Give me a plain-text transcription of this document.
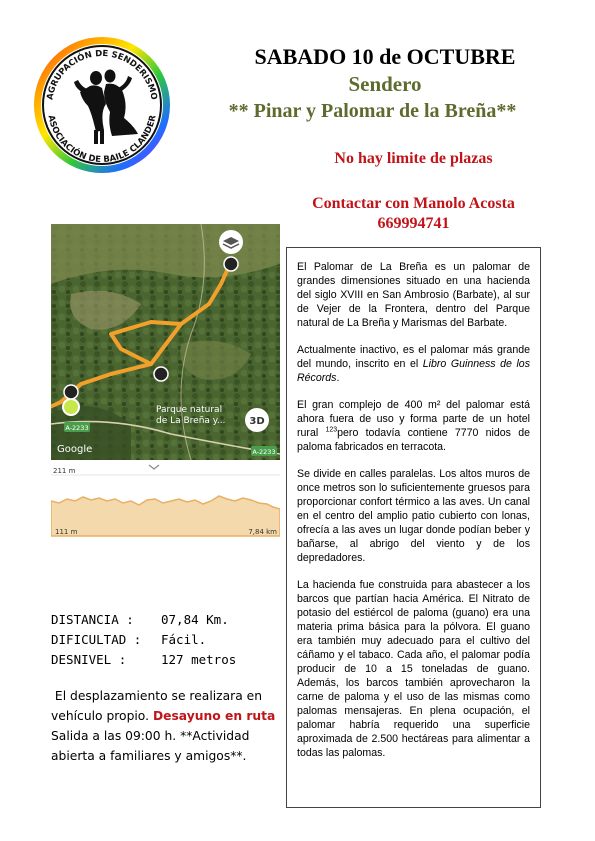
AGRUPACIÓN DE SENDERISMO
ASOCIACIÓN DE BAILE CLANDER
SABADO 10 de OCTUBRE
Sendero
** Pinar y Palomar de la Breña**
No hay limite de plazas
Contactar con Manolo Acosta
669994741
A-2233
Parque natural
de La Breña y... 3D
Google	A-2233
211 m
111 m	7,84 km
DISTANCIA :	07,84 Km.
DIFICULTAD :	Fácil.
DESNIVEL :	127 metros
El desplazamiento se realizara en vehículo propio. Desayuno en ruta Salida a las 09:00 h. **Actividad abierta a familiares y amigos**.

El Palomar de La Breña es un palomar de grandes dimensiones situado en una hacienda del siglo XVIII en San Ambrosio (Barbate), al sur de Vejer de la Frontera, dentro del Parque natural de La Breña y Marismas del Barbate.

Actualmente inactivo, es el palomar más grande del mundo, inscrito en el Libro Guinness de los Récords.

El gran complejo de 400 m² del palomar está ahora fuera de uso y forma parte de un hotel rural $^{123}$pero todavía contiene 7770 nidos de paloma fabricados en terracota.

Se divide en calles paralelas. Los altos muros de once metros son lo suficientemente gruesos para proporcionar confort térmico a las aves. Un canal en el centro del amplio patio cubierto con lonas, ofrecía a las aves un lugar donde podían beber y bañarse, al abrigo del viento y de los depredadores.

La hacienda fue construida para abastecer a los barcos que partían hacia América. El Nitrato de potasio del estiércol de paloma (guano) era una materia prima básica para la pólvora. El guano era también muy adecuado para el cultivo del cáñamo y el tabaco. Cada año, el palomar podía producir de 10 a 15 toneladas de guano. Además, los barcos también aprovecharon la carne de paloma y el uso de las mismas como palomas mensajeras. En plena ocupación, el palomar habría requerido una superficie aproximada de 2.500 hectáreas para alimentar a todas las palomas.
